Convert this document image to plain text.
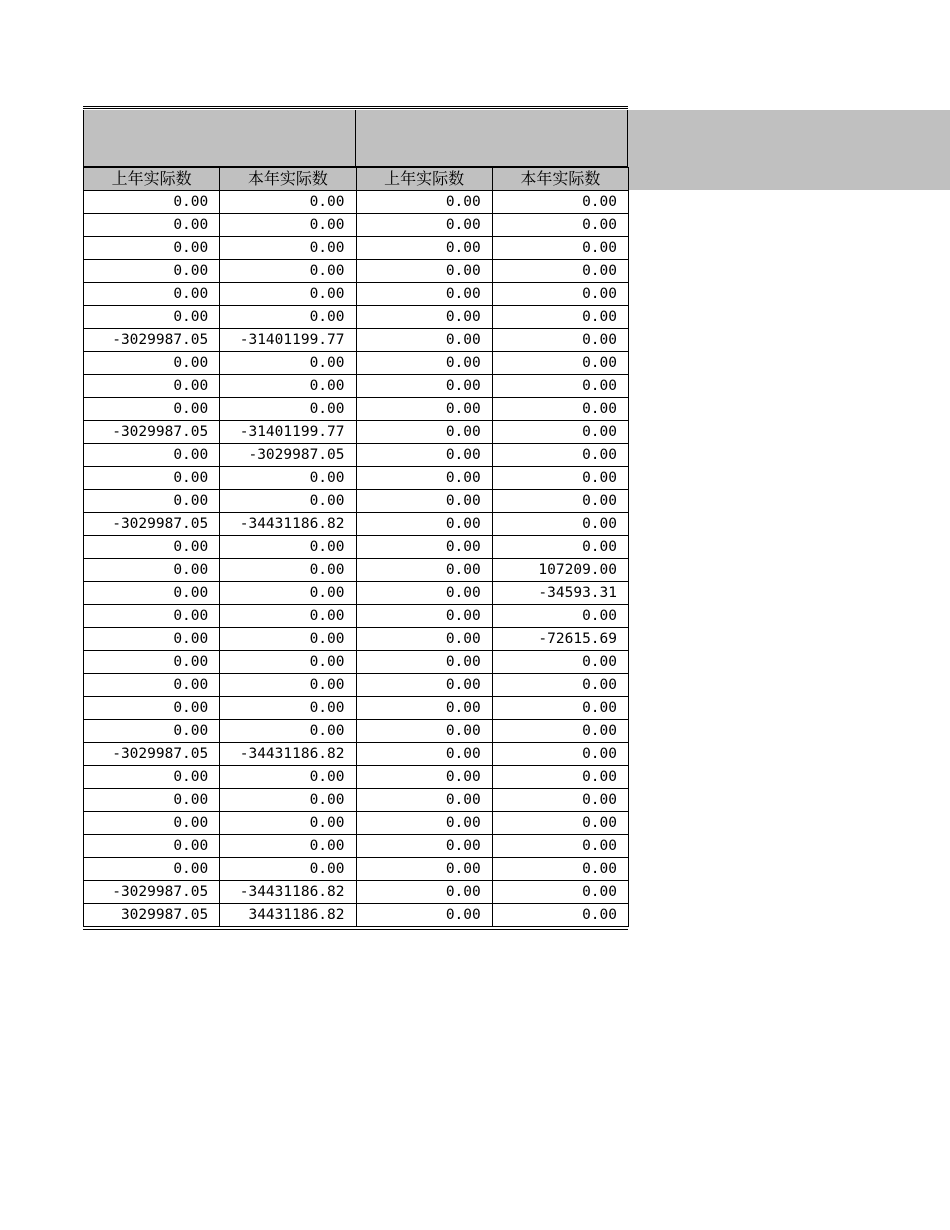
上年实际数	本年实际数	上年实际数	本年实际数
0.00	0.00	0.00	0.00
0.00	0.00	0.00	0.00
0.00	0.00	0.00	0.00
0.00	0.00	0.00	0.00
0.00	0.00	0.00	0.00
0.00	0.00	0.00	0.00
-3029987.05	-31401199.77	0.00	0.00
0.00	0.00	0.00	0.00
0.00	0.00	0.00	0.00
0.00	0.00	0.00	0.00
-3029987.05	-31401199.77	0.00	0.00
0.00	-3029987.05	0.00	0.00
0.00	0.00	0.00	0.00
0.00	0.00	0.00	0.00
-3029987.05	-34431186.82	0.00	0.00
0.00	0.00	0.00	0.00
0.00	0.00	0.00	107209.00
0.00	0.00	0.00	-34593.31
0.00	0.00	0.00	0.00
0.00	0.00	0.00	-72615.69
0.00	0.00	0.00	0.00
0.00	0.00	0.00	0.00
0.00	0.00	0.00	0.00
0.00	0.00	0.00	0.00
-3029987.05	-34431186.82	0.00	0.00
0.00	0.00	0.00	0.00
0.00	0.00	0.00	0.00
0.00	0.00	0.00	0.00
0.00	0.00	0.00	0.00
0.00	0.00	0.00	0.00
-3029987.05	-34431186.82	0.00	0.00
3029987.05	34431186.82	0.00	0.00
